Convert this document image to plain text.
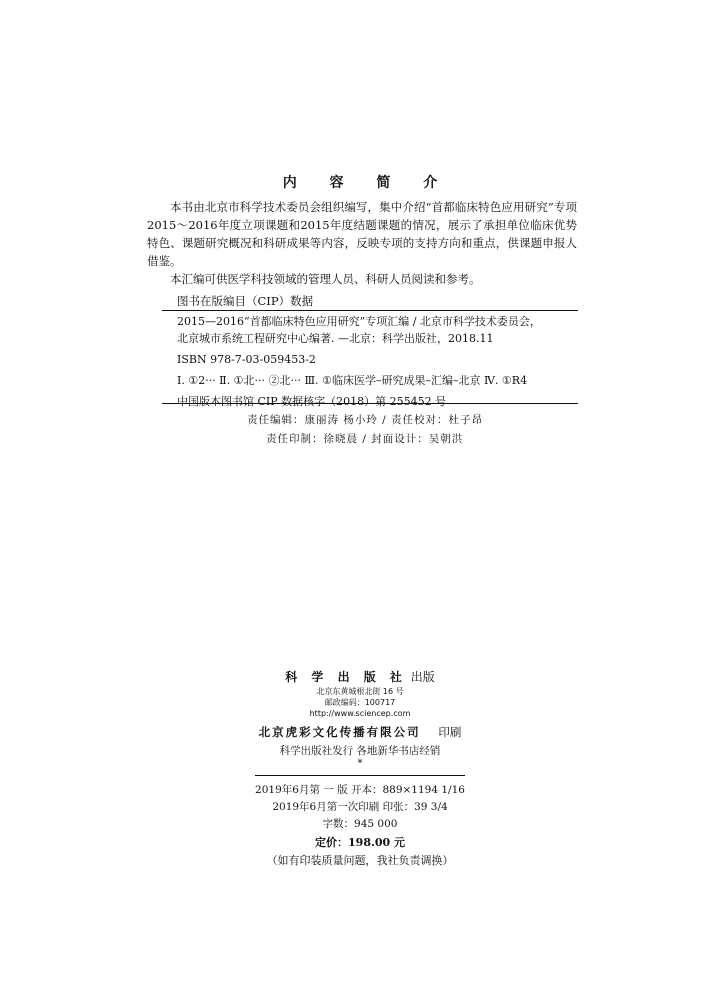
内 容 简 介

本书由北京市科学技术委员会组织编写，集中介绍“首都临床特色应用研究”专项2015～2016年度立项课题和2015年度结题课题的情况，展示了承担单位临床优势特色、课题研究概况和科研成果等内容，反映专项的支持方向和重点，供课题申报人借鉴。

本汇编可供医学科技领域的管理人员、科研人员阅读和参考。

图书在版编目（CIP）数据
2015—2016“首都临床特色应用研究”专项汇编 / 北京市科学技术委员会，
北京城市系统工程研究中心编著. —北京：科学出版社，2018.11
ISBN 978-7-03-059453-2
Ⅰ. ①2··· Ⅱ. ①北··· ②北··· Ⅲ. ①临床医学–研究成果–汇编–北京 Ⅳ. ①R4
中国版本图书馆 CIP 数据核字（2018）第 255452 号
责任编辑：康丽涛 杨小玲 / 责任校对：杜子昂
责任印制：徐晓晨 / 封面设计：吴朝洪
科 学 出 版 社 出版
北京东黄城根北街 16 号
邮政编码：100717
http://www.sciencep.com
北京虎彩文化传播有限公司 印刷
科学出版社发行 各地新华书店经销
*
2019年6月第 一 版 开本：889×1194 1/16
2019年6月第一次印刷 印张：39 3/4
字数：945 000
定价：198.00 元
（如有印装质量问题，我社负责调换）
